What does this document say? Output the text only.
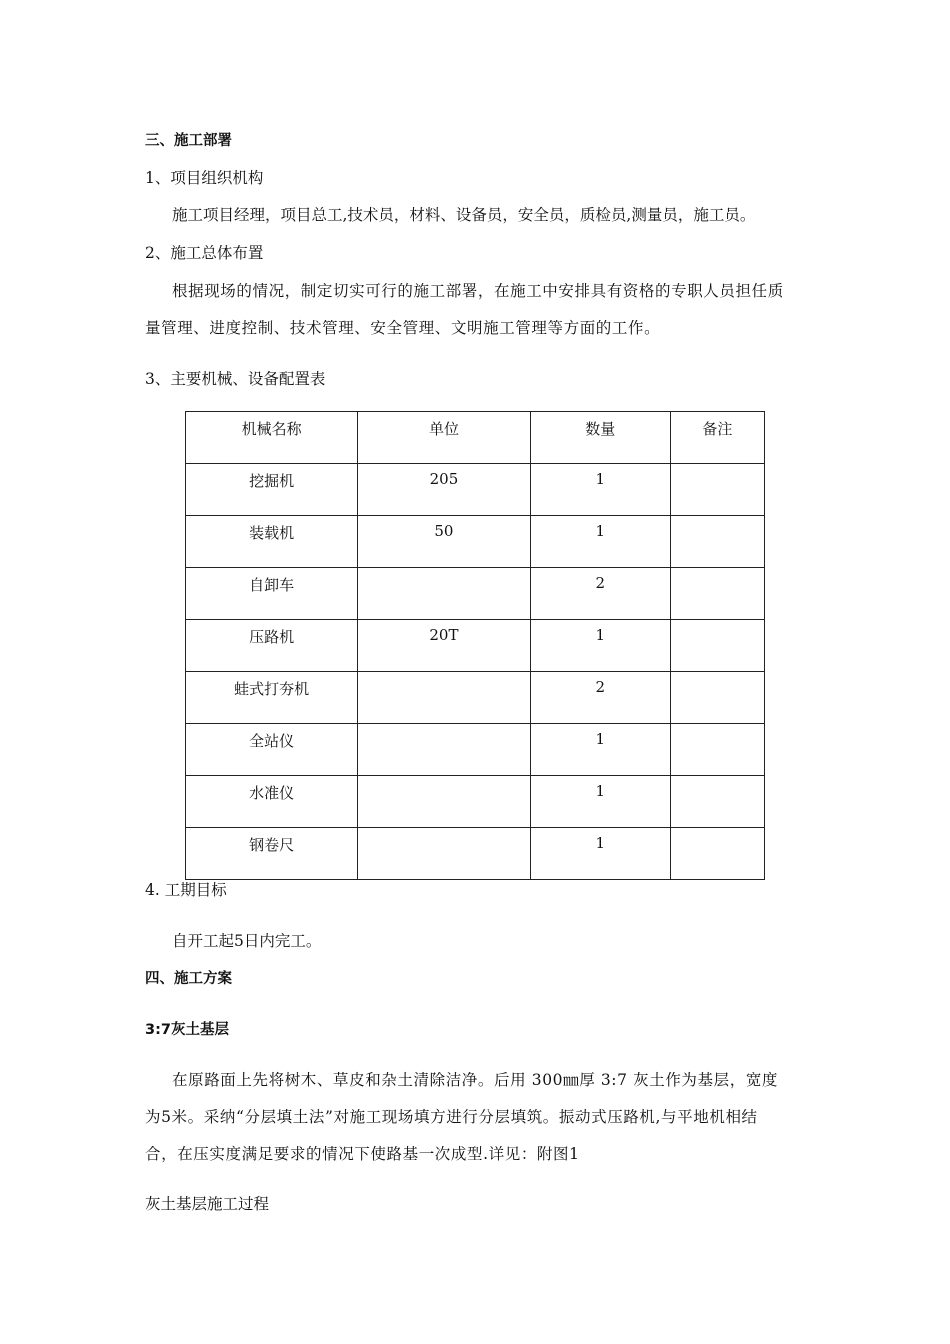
三、施工部署
1、项目组织机构
施工项目经理，项目总工,技术员，材料、设备员，安全员，质检员,测量员，施工员。
2、施工总体布置
根据现场的情况，制定切实可行的施工部署，在施工中安排具有资格的专职人员担任质
量管理、进度控制、技术管理、安全管理、文明施工管理等方面的工作。
3、主要机械、设备配置表
机械名称	单位	数量	备注
挖掘机	205	1	
装载机	50	1	
自卸车		2	
压路机	20T	1	
蛙式打夯机		2	
全站仪		1	
水准仪		1	
钢卷尺		1	
4. 工期目标
自开工起5日内完工。
四、施工方案
3:7灰土基层
在原路面上先将树木、草皮和杂土清除洁净。后用 300㎜厚 3:7 灰土作为基层，宽度
为5米。采纳“分层填土法”对施工现场填方进行分层填筑。振动式压路机,与平地机相结
合，在压实度满足要求的情况下使路基一次成型.详见：附图1
灰土基层施工过程
